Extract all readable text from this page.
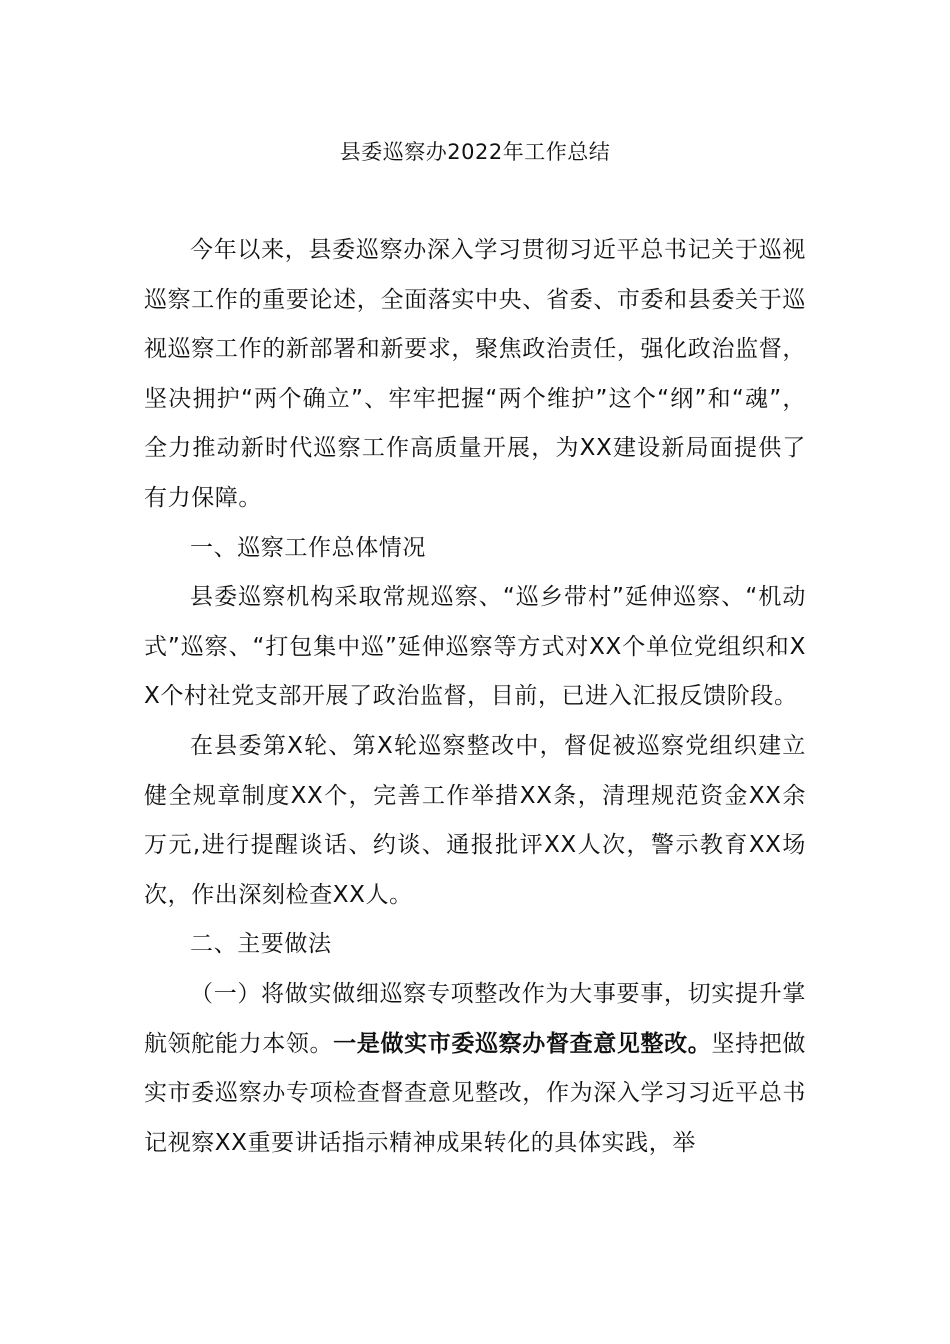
县委巡察办2022年工作总结

今年以来，县委巡察办深入学习贯彻习近平总书记关于巡视巡察工作的重要论述，全面落实中央、省委、市委和县委关于巡视巡察工作的新部署和新要求，聚焦政治责任，强化政治监督，坚决拥护“两个确立”、牢牢把握“两个维护”这个“纲”和“魂”，全力推动新时代巡察工作高质量开展，为XX建设新局面提供了有力保障。

一、巡察工作总体情况

县委巡察机构采取常规巡察、“巡乡带村”延伸巡察、“机动式”巡察、“打包集中巡”延伸巡察等方式对XX个单位党组织和XX个村社党支部开展了政治监督，目前，已进入汇报反馈阶段。

在县委第X轮、第X轮巡察整改中，督促被巡察党组织建立健全规章制度XX个，完善工作举措XX条，清理规范资金XX余万元,进行提醒谈话、约谈、通报批评XX人次，警示教育XX场次，作出深刻检查XX人。

二、主要做法

（一）将做实做细巡察专项整改作为大事要事，切实提升掌航领舵能力本领。一是做实市委巡察办督查意见整改。坚持把做实市委巡察办专项检查督查意见整改，作为深入学习习近平总书记视察XX重要讲话指示精神成果转化的具体实践，举
